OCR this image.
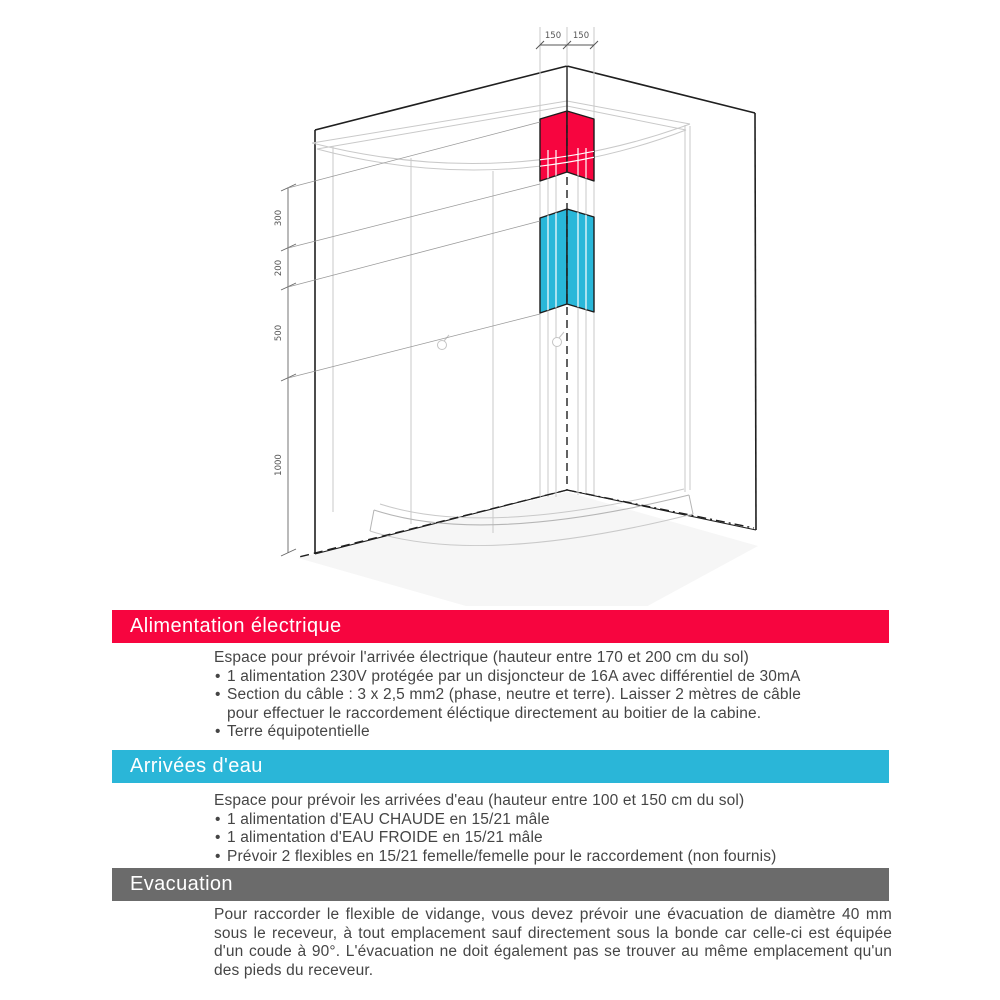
150 150
300
200
500
1000
Alimentation électrique
Espace pour prévoir l'arrivée électrique (hauteur entre 170 et 200 cm du sol)
• 1 alimentation 230V protégée par un disjoncteur de 16A avec différentiel de 30mA
• Section du câble : 3 x 2,5 mm2 (phase, neutre et terre). Laisser 2 mètres de câble
pour effectuer le raccordement éléctique directement au boitier de la cabine.
• Terre équipotentielle
Arrivées d'eau
Espace pour prévoir les arrivées d'eau (hauteur entre 100 et 150 cm du sol)
• 1 alimentation d'EAU CHAUDE en 15/21 mâle
• 1 alimentation d'EAU FROIDE en 15/21 mâle
• Prévoir 2 flexibles en 15/21 femelle/femelle pour le raccordement (non fournis)
Evacuation
Pour raccorder le flexible de vidange, vous devez prévoir une évacuation de diamètre 40 mm sous le receveur, à tout emplacement sauf directement sous la bonde car celle-ci est équipée d'un coude à 90°. L'évacuation ne doit également pas se trouver au même emplacement qu'un des pieds du receveur.
